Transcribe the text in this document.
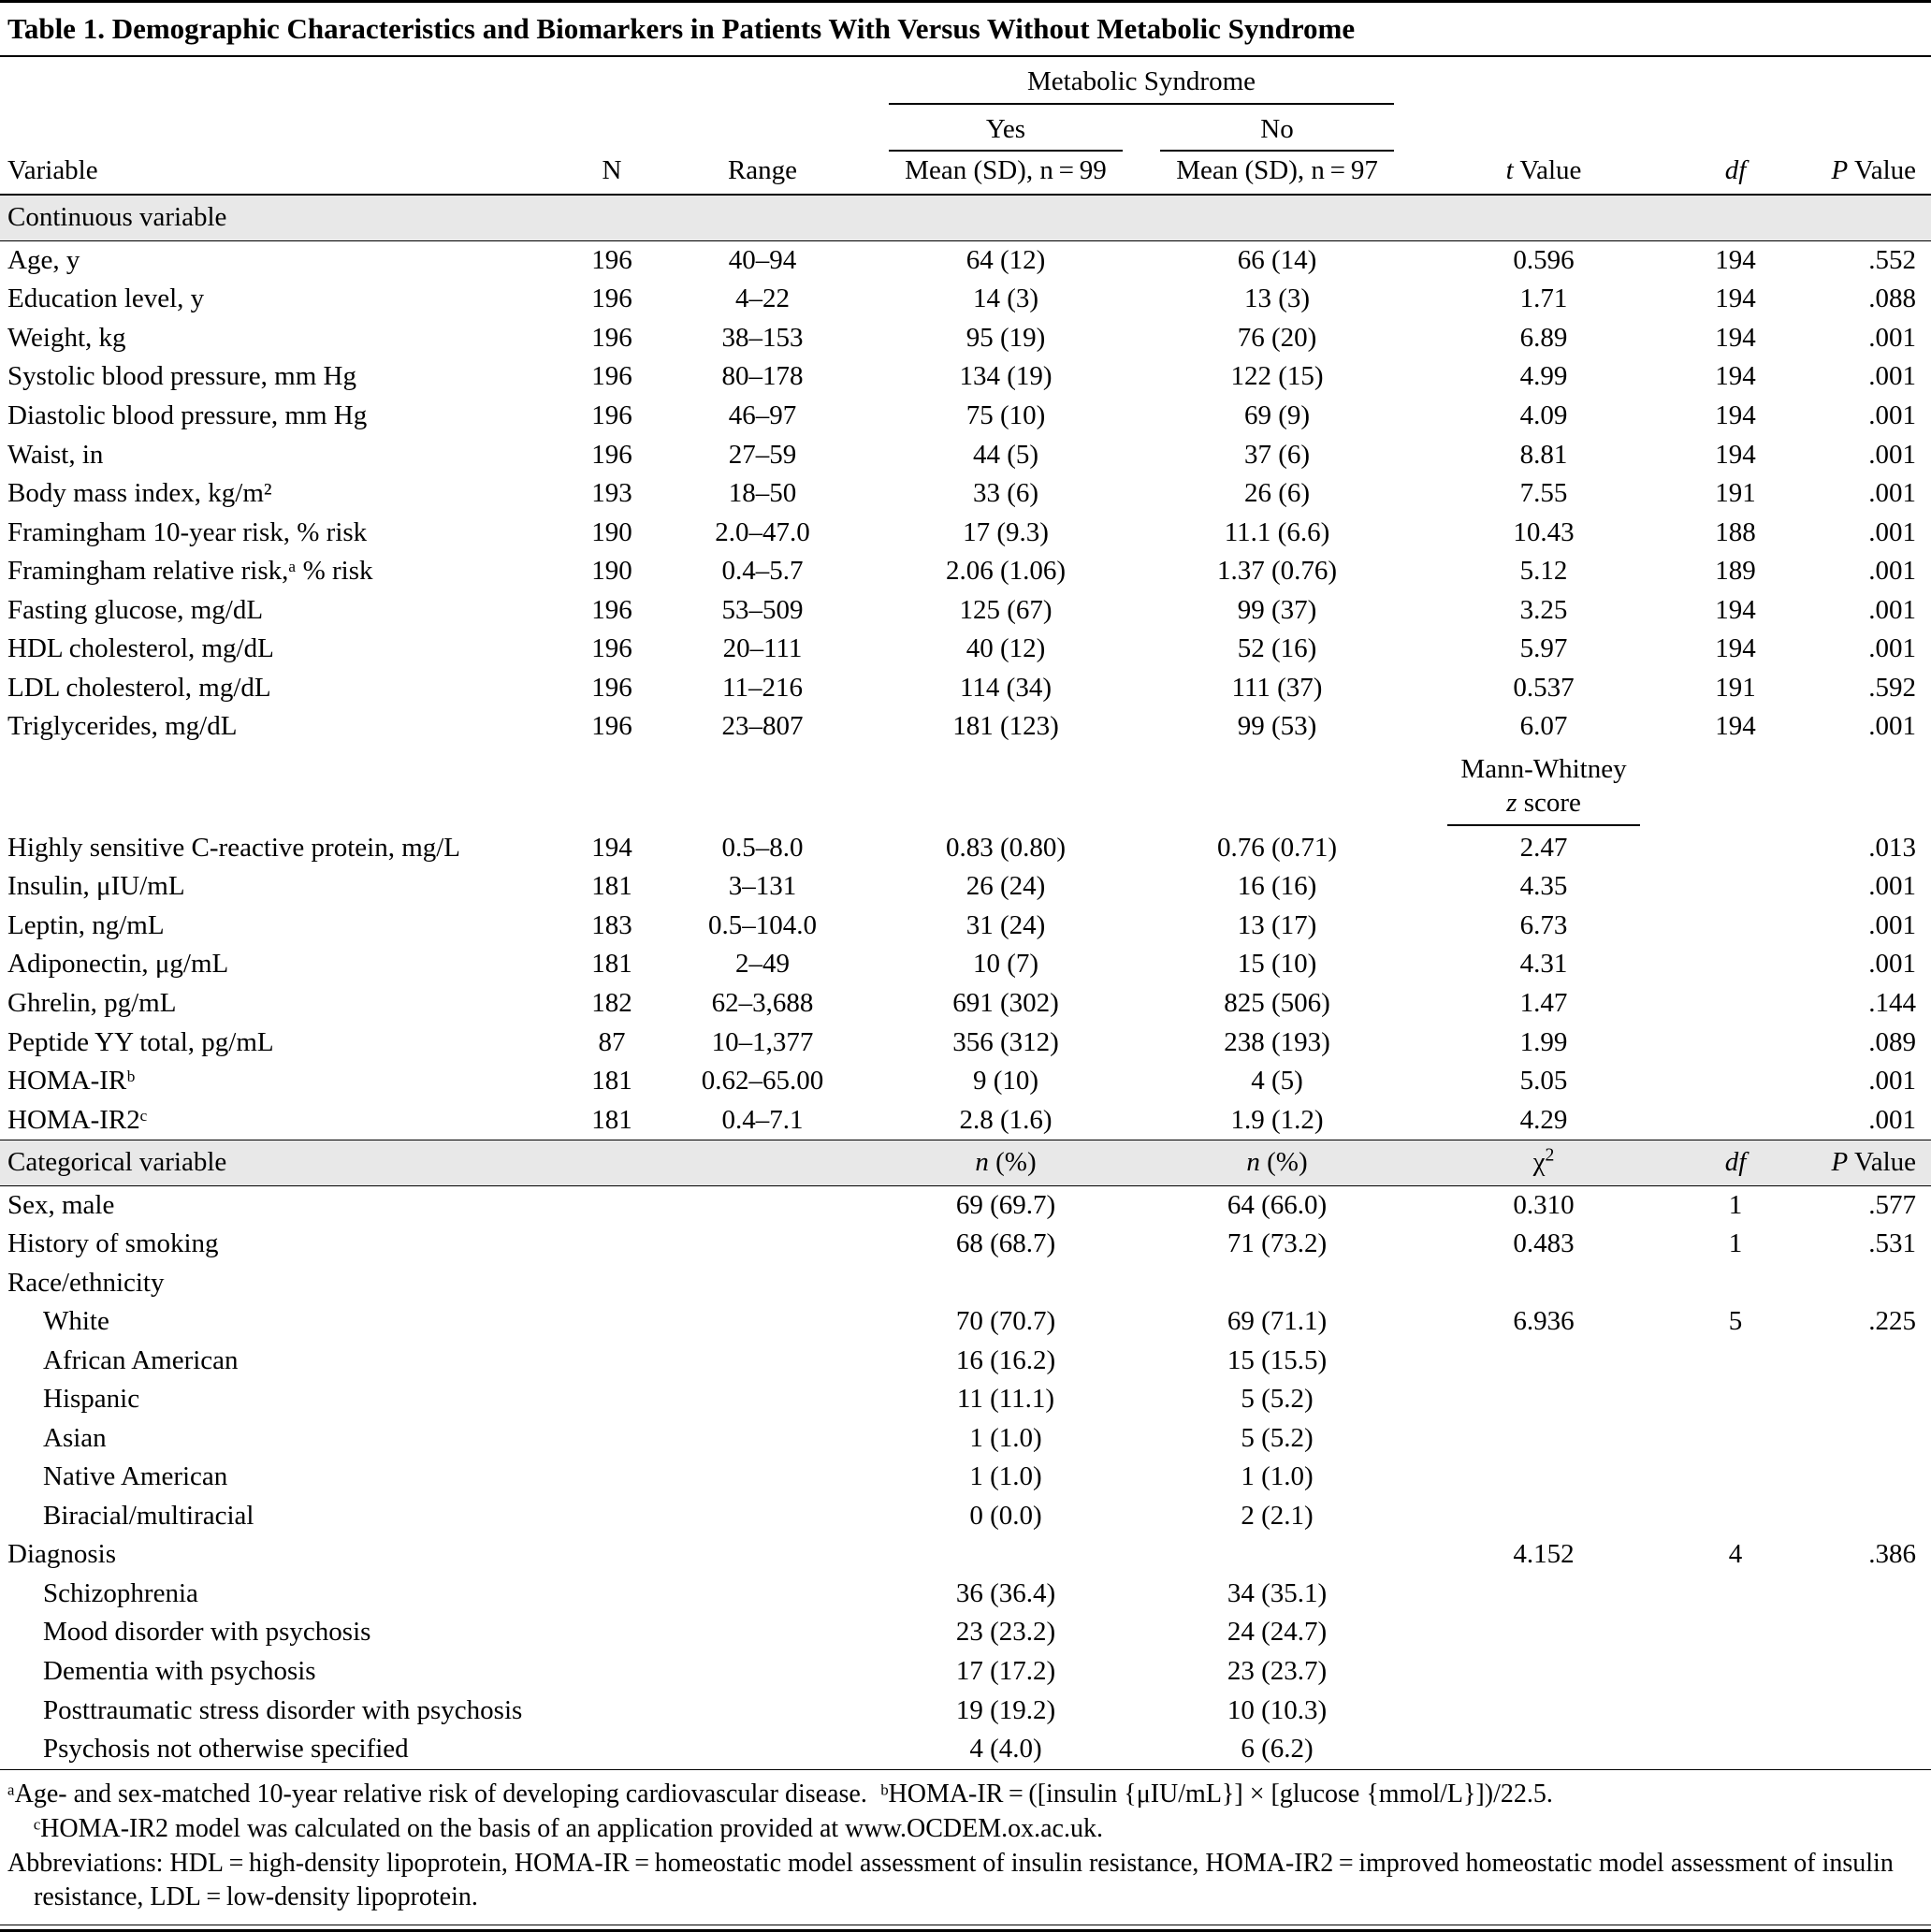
Table 1. Demographic Characteristics and Biomarkers in Patients With Versus Without Metabolic Syndrome

			Metabolic Syndrome				

			Yes	No			

Variable	N	Range	Mean (SD), n = 99	Mean (SD), n = 97	t Value	df	P Value
Continuous variable							
Age, y	196	40–94	64 (12)	66 (14)	0.596	194	.552
Education level, y	196	4–22	14 (3)	13 (3)	1.71	194	.088
Weight, kg	196	38–153	95 (19)	76 (20)	6.89	194	.001
Systolic blood pressure, mm Hg	196	80–178	134 (19)	122 (15)	4.99	194	.001
Diastolic blood pressure, mm Hg	196	46–97	75 (10)	69 (9)	4.09	194	.001
Waist, in	196	27–59	44 (5)	37 (6)	8.81	194	.001
Body mass index, kg/m²	193	18–50	33 (6)	26 (6)	7.55	191	.001
Framingham 10-year risk, % risk	190	2.0–47.0	17 (9.3)	11.1 (6.6)	10.43	188	.001
Framingham relative risk,ᵃ % risk	190	0.4–5.7	2.06 (1.06)	1.37 (0.76)	5.12	189	.001
Fasting glucose, mg/dL	196	53–509	125 (67)	99 (37)	3.25	194	.001
HDL cholesterol, mg/dL	196	20–111	40 (12)	52 (16)	5.97	194	.001
LDL cholesterol, mg/dL	196	11–216	114 (34)	111 (37)	0.537	191	.592
Triglycerides, mg/dL	196	23–807	181 (123)	99 (53)	6.07	194	.001

					Mann-Whitney
z score		

Highly sensitive C-reactive protein, mg/L	194	0.5–8.0	0.83 (0.80)	0.76 (0.71)	2.47		.013
Insulin, μIU/mL	181	3–131	26 (24)	16 (16)	4.35		.001
Leptin, ng/mL	183	0.5–104.0	31 (24)	13 (17)	6.73		.001
Adiponectin, μg/mL	181	2–49	10 (7)	15 (10)	4.31		.001
Ghrelin, pg/mL	182	62–3,688	691 (302)	825 (506)	1.47		.144
Peptide YY total, pg/mL	87	10–1,377	356 (312)	238 (193)	1.99		.089
HOMA-IRᵇ	181	0.62–65.00	9 (10)	4 (5)	5.05		.001
HOMA-IR2ᶜ	181	0.4–7.1	2.8 (1.6)	1.9 (1.2)	4.29		.001
Categorical variable			n (%)	n (%)	$\chi^2$	df	P Value
Sex, male			69 (69.7)	64 (66.0)	0.310	1	.577
History of smoking			68 (68.7)	71 (73.2)	0.483	1	.531
Race/ethnicity							
White			70 (70.7)	69 (71.1)	6.936	5	.225
African American			16 (16.2)	15 (15.5)			
Hispanic			11 (11.1)	5 (5.2)			
Asian			1 (1.0)	5 (5.2)			
Native American			1 (1.0)	1 (1.0)			
Biracial/multiracial			0 (0.0)	2 (2.1)			
Diagnosis					4.152	4	.386
Schizophrenia			36 (36.4)	34 (35.1)			
Mood disorder with psychosis			23 (23.2)	24 (24.7)			
Dementia with psychosis			17 (17.2)	23 (23.7)			
Posttraumatic stress disorder with psychosis			19 (19.2)	10 (10.3)			
Psychosis not otherwise specified			4 (4.0)	6 (6.2)			

ᵃAge- and sex-matched 10-year relative risk of developing cardiovascular disease. ᵇHOMA-IR = ([insulin {μIU/mL}] × [glucose {mmol/L}])/22.5.

ᶜHOMA-IR2 model was calculated on the basis of an application provided at www.OCDEM.ox.ac.uk.

Abbreviations: HDL = high-density lipoprotein, HOMA-IR = homeostatic model assessment of insulin resistance, HOMA-IR2 = improved homeostatic model assessment of insulin resistance, LDL = low-density lipoprotein.
